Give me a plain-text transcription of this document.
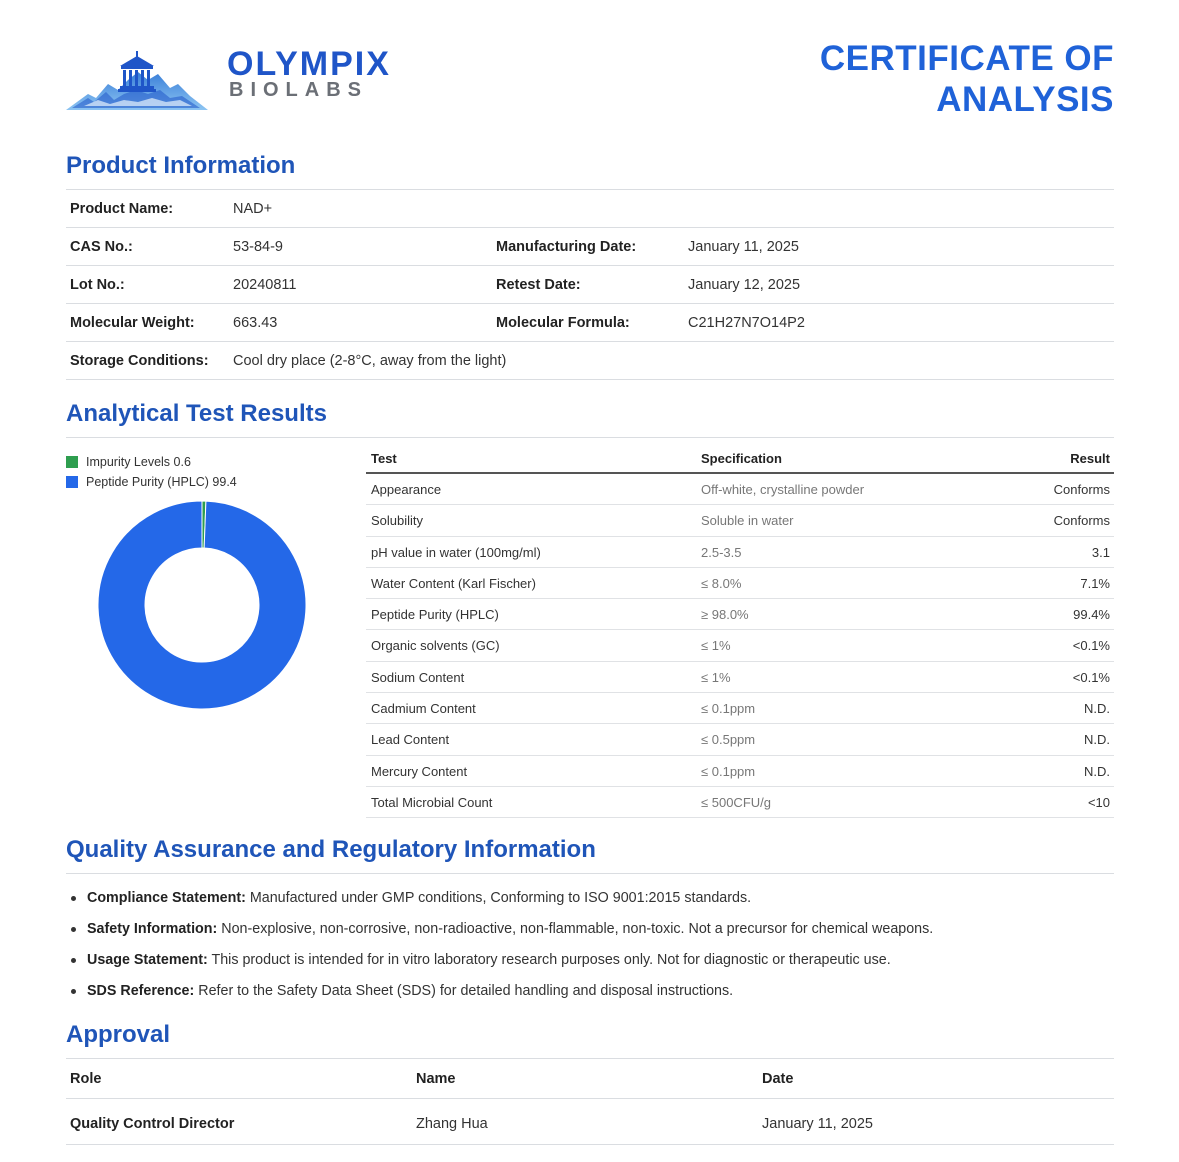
OLYMPIX
BIOLABS
CERTIFICATE OF
ANALYSIS
Product Information
Product Name:	NAD+
CAS No.:	53-84-9	Manufacturing Date:	January 11, 2025
Lot No.:	20240811	Retest Date:	January 12, 2025
Molecular Weight:	663.43	Molecular Formula:	C21H27N7O14P2
Storage Conditions: Cool dry place (2-8°C, away from the light)
Analytical Test Results
Impurity Levels 0.6
Peptide Purity (HPLC) 99.4
Test	Specification	Result
Appearance	Off-white, crystalline powder	Conforms
Solubility	Soluble in water	Conforms
pH value in water (100mg/ml)	2.5-3.5	3.1
Water Content (Karl Fischer)	≤ 8.0%	7.1%
Peptide Purity (HPLC)	≥ 98.0%	99.4%
Organic solvents (GC)	≤ 1%	<0.1%
Sodium Content	≤ 1%	<0.1%
Cadmium Content	≤ 0.1ppm	N.D.
Lead Content	≤ 0.5ppm	N.D.
Mercury Content	≤ 0.1ppm	N.D.
Total Microbial Count	≤ 500CFU/g	<10
Quality Assurance and Regulatory Information
Compliance Statement: Manufactured under GMP conditions, Conforming to ISO 9001:2015 standards.
Safety Information: Non-explosive, non-corrosive, non-radioactive, non-flammable, non-toxic. Not a precursor for chemical weapons.
Usage Statement: This product is intended for in vitro laboratory research purposes only. Not for diagnostic or therapeutic use.
SDS Reference: Refer to the Safety Data Sheet (SDS) for detailed handling and disposal instructions.
Approval
Role	Name	Date
Quality Control Director	Zhang Hua	January 11, 2025
